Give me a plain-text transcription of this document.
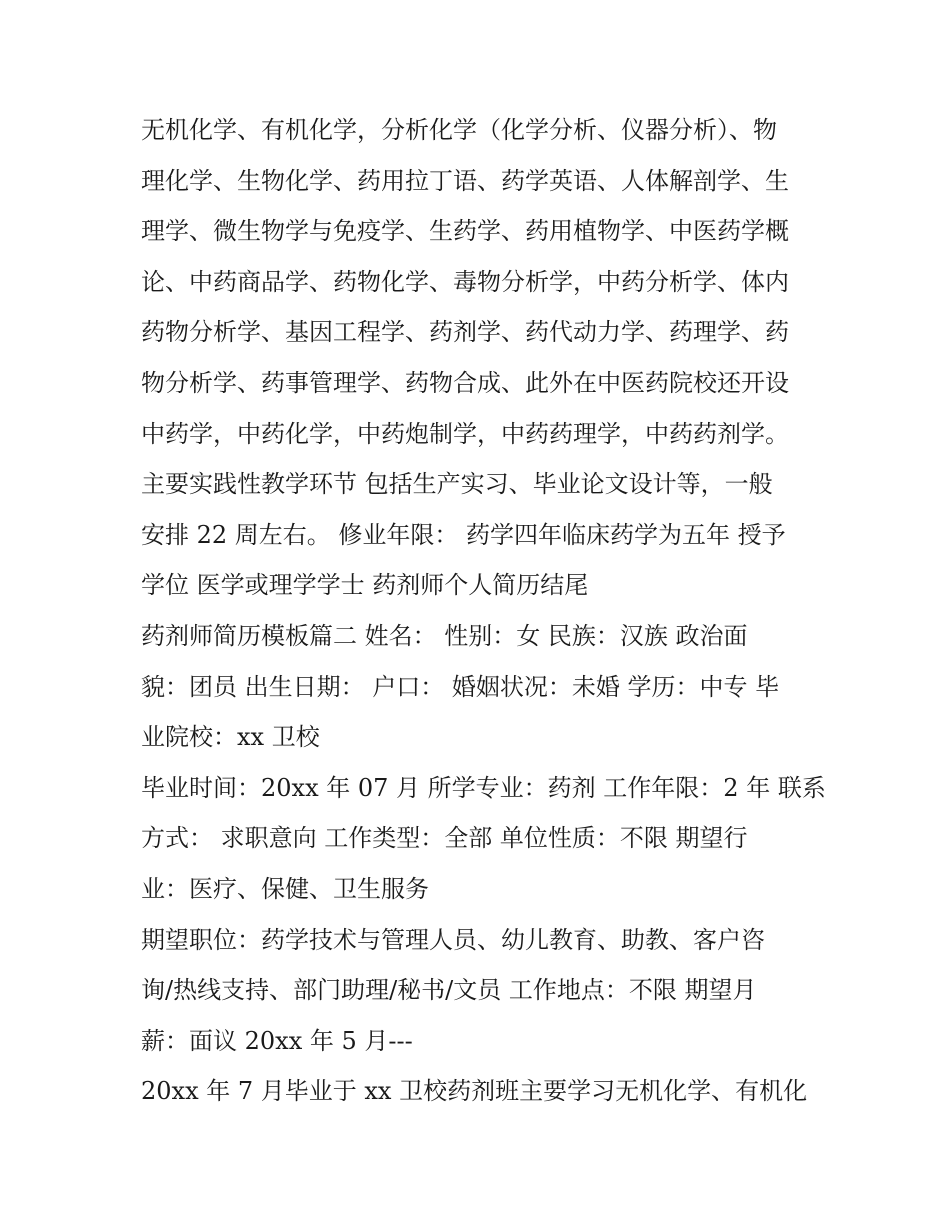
无机化学、有机化学，分析化学（化学分析、仪器分析）、物
理化学、生物化学、药用拉丁语、药学英语、人体解剖学、生
理学、微生物学与免疫学、生药学、药用植物学、中医药学概
论、中药商品学、药物化学、毒物分析学，中药分析学、体内
药物分析学、基因工程学、药剂学、药代动力学、药理学、药
物分析学、药事管理学、药物合成、此外在中医药院校还开设
中药学，中药化学，中药炮制学，中药药理学，中药药剂学。
主要实践性教学环节 包括生产实习、毕业论文设计等，一般
安排 22 周左右。 修业年限： 药学四年临床药学为五年 授予
学位 医学或理学学士 药剂师个人简历结尾
药剂师简历模板篇二 姓名： 性别：女 民族：汉族 政治面
貌：团员 出生日期： 户口： 婚姻状况：未婚 学历：中专 毕
业院校：xx 卫校
毕业时间：20xx 年 07 月 所学专业：药剂 工作年限：2 年 联系
方式： 求职意向 工作类型：全部 单位性质：不限 期望行
业：医疗、保健、卫生服务
期望职位：药学技术与管理人员、幼儿教育、助教、客户咨
询/热线支持、部门助理/秘书/文员 工作地点：不限 期望月
薪：面议 20xx 年 5 月---
20xx 年 7 月毕业于 xx 卫校药剂班主要学习无机化学、有机化
